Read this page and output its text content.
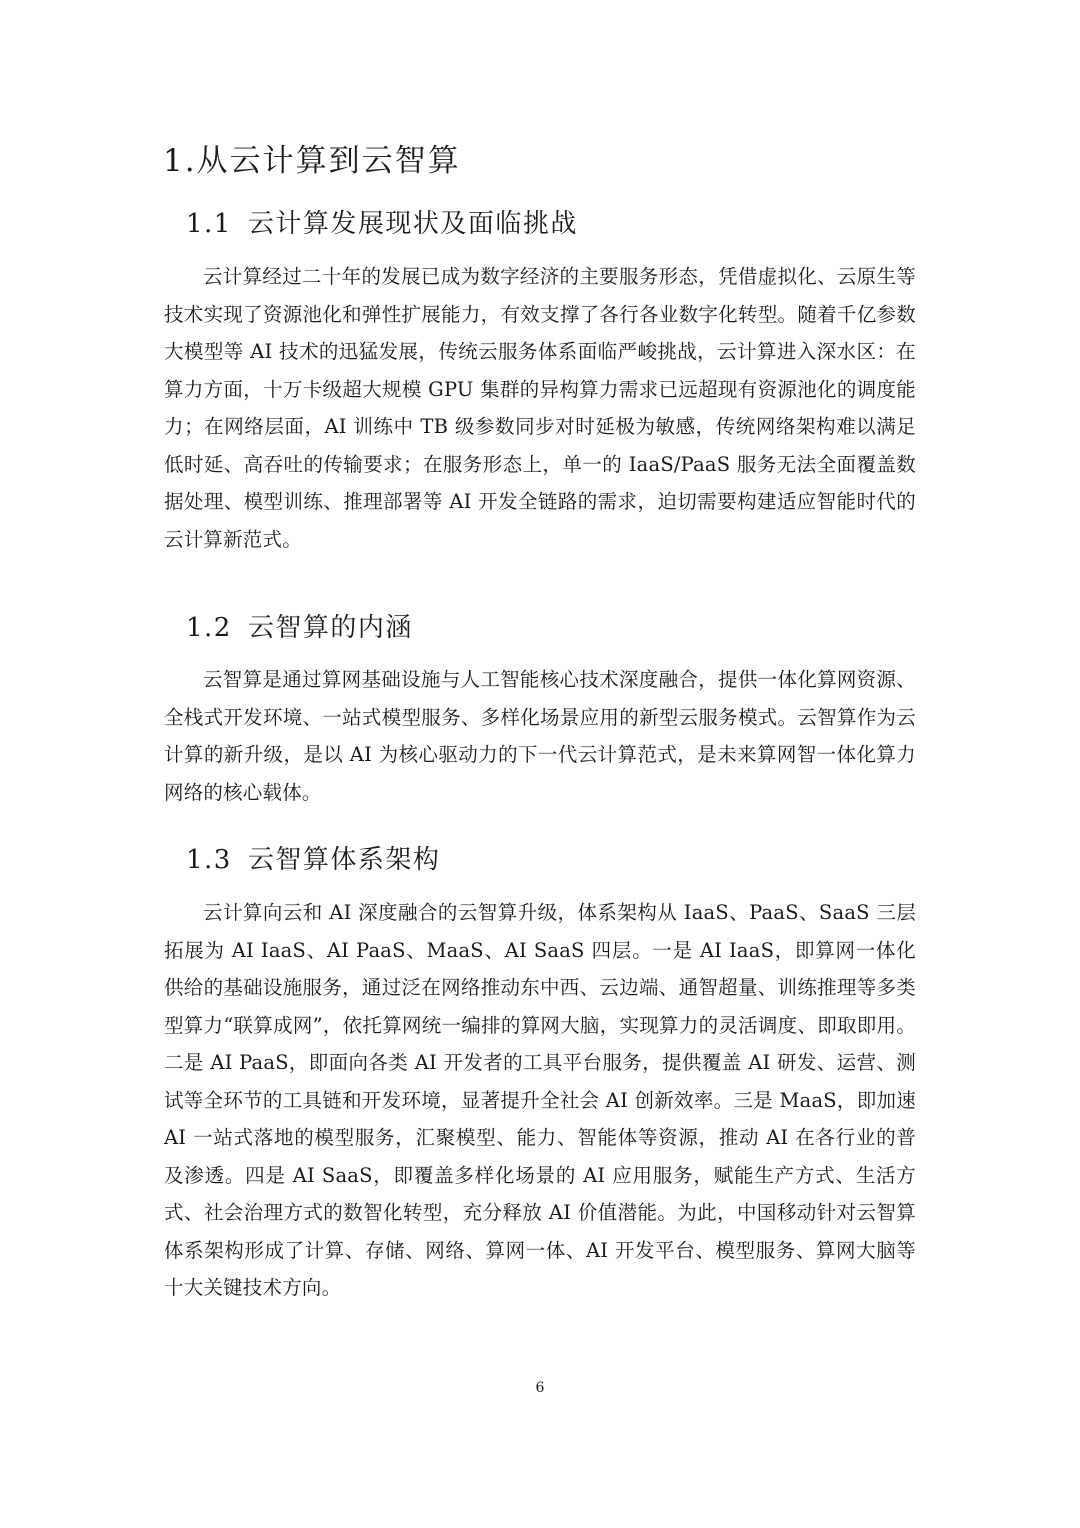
1.从云计算到云智算
1.1 云计算发展现状及面临挑战

云计算经过二十年的发展已成为数字经济的主要服务形态，凭借虚拟化、云原生等技术实现了资源池化和弹性扩展能力，有效支撑了各行各业数字化转型。随着千亿参数大模型等 AI 技术的迅猛发展，传统云服务体系面临严峻挑战，云计算进入深水区：在算力方面，十万卡级超大规模 GPU 集群的异构算力需求已远超现有资源池化的调度能力；在网络层面，AI 训练中 TB 级参数同步对时延极为敏感，传统网络架构难以满足低时延、高吞吐的传输要求；在服务形态上，单一的 IaaS/PaaS 服务无法全面覆盖数据处理、模型训练、推理部署等 AI 开发全链路的需求，迫切需要构建适应智能时代的云计算新范式。

1.2 云智算的内涵

云智算是通过算网基础设施与人工智能核心技术深度融合，提供一体化算网资源、全栈式开发环境、一站式模型服务、多样化场景应用的新型云服务模式。云智算作为云计算的新升级，是以 AI 为核心驱动力的下一代云计算范式，是未来算网智一体化算力网络的核心载体。

1.3 云智算体系架构

云计算向云和 AI 深度融合的云智算升级，体系架构从 IaaS、PaaS、SaaS 三层拓展为 AI IaaS、AI PaaS、MaaS、AI SaaS 四层。一是 AI IaaS，即算网一体化供给的基础设施服务，通过泛在网络推动东中西、云边端、通智超量、训练推理等多类型算力“联算成网”，依托算网统一编排的算网大脑，实现算力的灵活调度、即取即用。二是 AI PaaS，即面向各类 AI 开发者的工具平台服务，提供覆盖 AI 研发、运营、测试等全环节的工具链和开发环境，显著提升全社会 AI 创新效率。三是 MaaS，即加速 AI 一站式落地的模型服务，汇聚模型、能力、智能体等资源，推动 AI 在各行业的普及渗透。四是 AI SaaS，即覆盖多样化场景的 AI 应用服务，赋能生产方式、生活方式、社会治理方式的数智化转型，充分释放 AI 价值潜能。为此，中国移动针对云智算体系架构形成了计算、存储、网络、算网一体、AI 开发平台、模型服务、算网大脑等十大关键技术方向。

6
